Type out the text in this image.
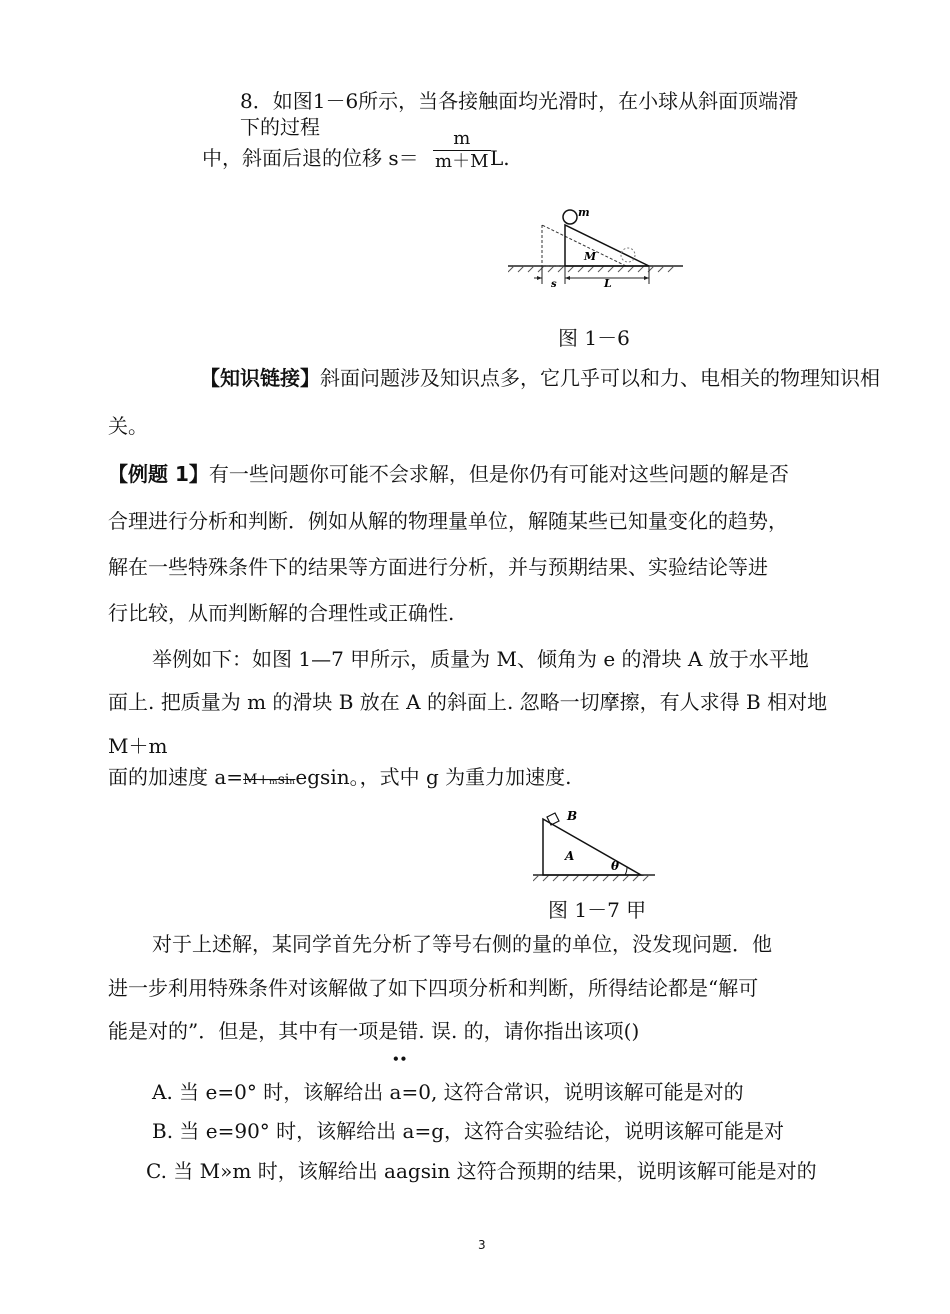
8．如图1－6所示，当各接触面均光滑时，在小球从斜面顶端滑
下的过程
中，斜面后退的位移 $s= \frac{m}{m+M} L$.
m
M
s	L
图 1－6
【知识链接】斜面问题涉及知识点多，它几乎可以和力、电相关的物理知识相
关。
【例题 1】有一些问题你可能不会求解，但是你仍有可能对这些问题的解是否
合理进行分析和判断．例如从解的物理量单位，解随某些已知量变化的趋势，
解在一些特殊条件下的结果等方面进行分析，并与预期结果、实验结论等进
行比较，从而判断解的合理性或正确性.
举例如下：如图 1—7 甲所示，质量为 M、倾角为 e 的滑块 A 放于水平地
面上. 把质量为 m 的滑块 B 放在 A 的斜面上. 忽略一切摩擦，有人求得 B 相对地
M＋m
面的加速度 a=M+ₘsiₙegsin。，式中 g 为重力加速度.
B
A
θ
图 1－7 甲
对于上述解，某同学首先分析了等号右侧的量的单位，没发现问题．他
进一步利用特殊条件对该解做了如下四项分析和判断，所得结论都是“解可
能是对的”．但是，其中有一项是错. 误. 的，请你指出该项()
••
A. 当 e=0° 时，该解给出 a=0, 这符合常识，说明该解可能是对的
B. 当 e=90° 时，该解给出 a=g，这符合实验结论，说明该解可能是对
C. 当 M»m 时，该解给出 aagsin 这符合预期的结果，说明该解可能是对的
3
